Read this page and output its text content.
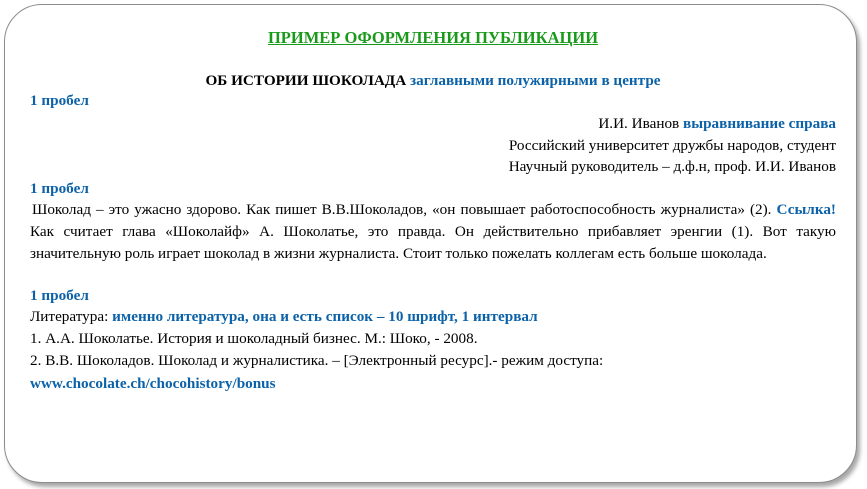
ПРИМЕР ОФОРМЛЕНИЯ ПУБЛИКАЦИИ
ОБ ИСТОРИИ ШОКОЛАДА заглавными полужирными в центре
1 пробел
И.И. Иванов выравнивание справа
Российский университет дружбы народов, студент
Научный руководитель – д.ф.н, проф. И.И. Иванов
1 пробел
Шоколад – это ужасно здорово. Как пишет В.В.Шоколадов, «он повышает работоспособность журналиста» (2). Ссылка! Как считает глава «Шоколайф» А. Шоколатье, это правда. Он действительно прибавляет эренгии (1). Вот такую значительную роль играет шоколад в жизни журналиста. Стоит только пожелать коллегам есть больше шоколада.
1 пробел
Литература: именно литература, она и есть список – 10 шрифт, 1 интервал
1. А.А. Шоколатье. История и шоколадный бизнес. М.: Шоко, - 2008.
2. В.В. Шоколадов. Шоколад и журналистика. – [Электронный ресурс].- режим доступа:
www.chocolate.ch/chocohistory/bonus
